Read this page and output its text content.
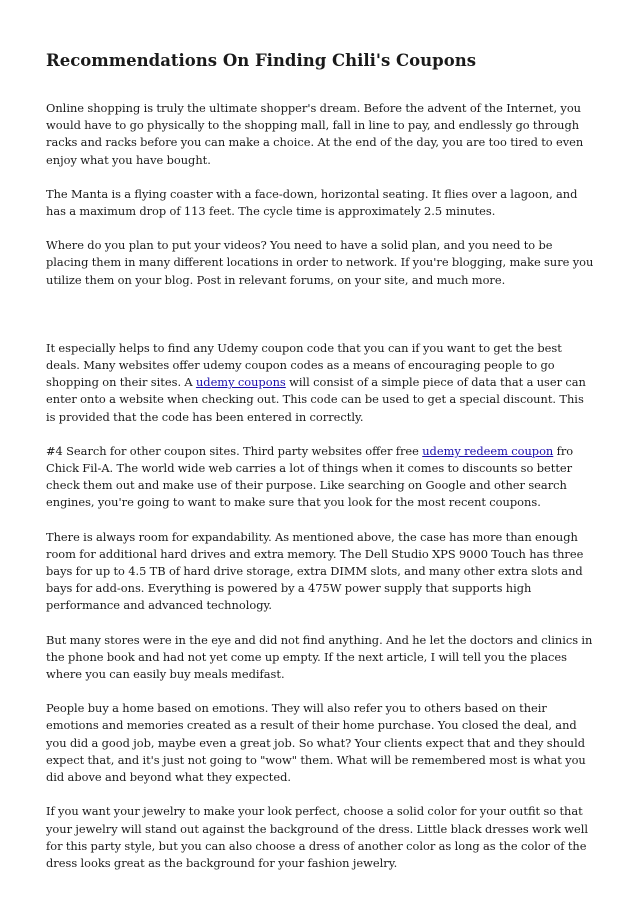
Recommendations On Finding Chili's Coupons

Online shopping is truly the ultimate shopper's dream. Before the advent of the Internet, you would have to go physically to the shopping mall, fall in line to pay, and endlessly go through racks and racks before you can make a choice. At the end of the day, you are too tired to even enjoy what you have bought.

The Manta is a flying coaster with a face-down, horizontal seating. It flies over a lagoon, and has a maximum drop of 113 feet. The cycle time is approximately 2.5 minutes.

Where do you plan to put your videos? You need to have a solid plan, and you need to be placing them in many different locations in order to network. If you're blogging, make sure you utilize them on your blog. Post in relevant forums, on your site, and much more.

It especially helps to find any Udemy coupon code that you can if you want to get the best deals. Many websites offer udemy coupon codes as a means of encouraging people to go shopping on their sites. A udemy coupons will consist of a simple piece of data that a user can enter onto a website when checking out. This code can be used to get a special discount. This is provided that the code has been entered in correctly.

#4 Search for other coupon sites. Third party websites offer free udemy redeem coupon fro Chick Fil-A. The world wide web carries a lot of things when it comes to discounts so better check them out and make use of their purpose. Like searching on Google and other search engines, you're going to want to make sure that you look for the most recent coupons.

There is always room for expandability. As mentioned above, the case has more than enough room for additional hard drives and extra memory. The Dell Studio XPS 9000 Touch has three bays for up to 4.5 TB of hard drive storage, extra DIMM slots, and many other extra slots and bays for add-ons. Everything is powered by a 475W power supply that supports high performance and advanced technology.

But many stores were in the eye and did not find anything. And he let the doctors and clinics in the phone book and had not yet come up empty. If the next article, I will tell you the places where you can easily buy meals medifast.

People buy a home based on emotions. They will also refer you to others based on their emotions and memories created as a result of their home purchase. You closed the deal, and you did a good job, maybe even a great job. So what? Your clients expect that and they should expect that, and it's just not going to "wow" them. What will be remembered most is what you did above and beyond what they expected.

If you want your jewelry to make your look perfect, choose a solid color for your outfit so that your jewelry will stand out against the background of the dress. Little black dresses work well for this party style, but you can also choose a dress of another color as long as the color of the dress looks great as the background for your fashion jewelry.
